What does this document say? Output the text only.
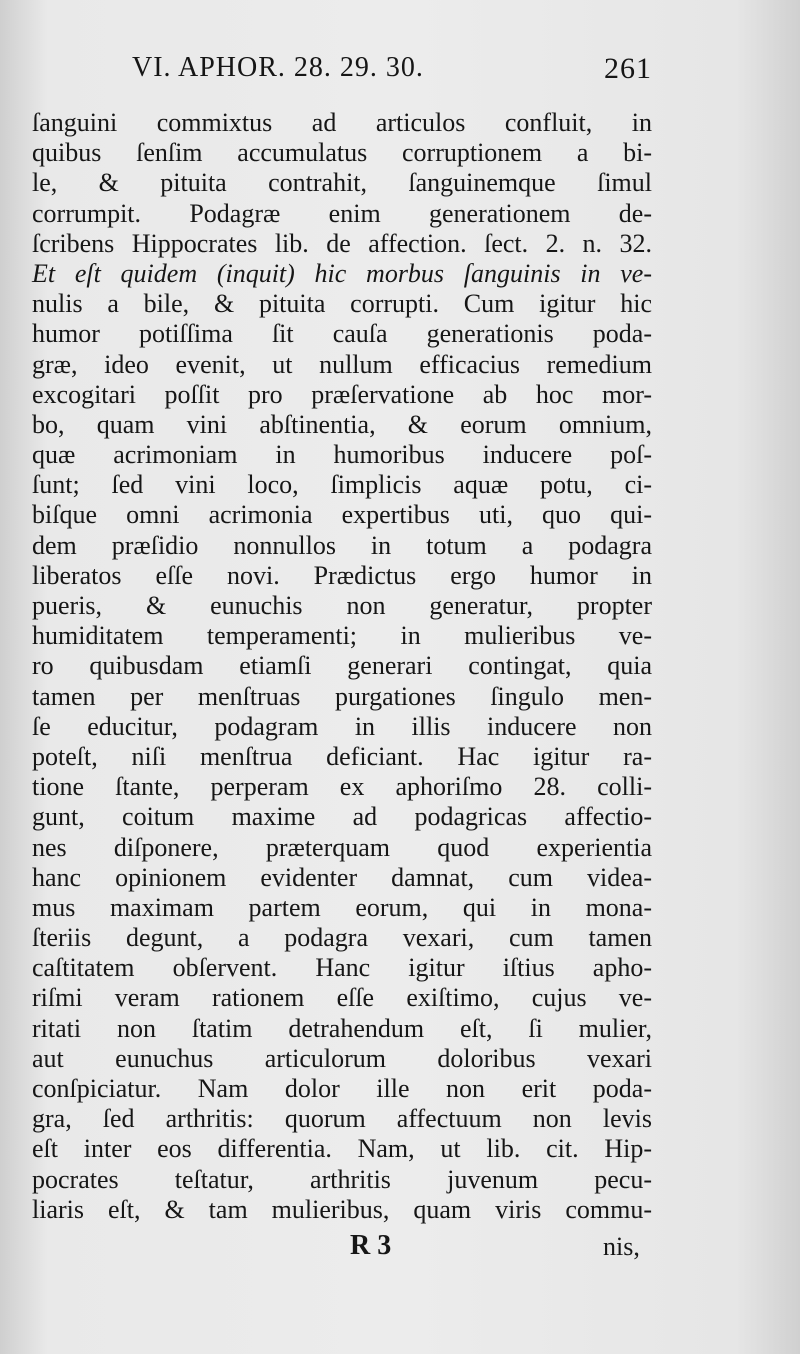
VI. APHOR. 28. 29. 30.	261
ſanguini commixtus ad articulos confluit, in
quibus ſenſim accumulatus corruptionem a bi-
le, & pituita contrahit, ſanguinemque ſimul
corrumpit. Podagræ enim generationem de-
ſcribens Hippocrates lib. de affection. ſect. 2. n. 32.
Et eſt quidem (inquit) hic morbus ſanguinis in ve-
nulis a bile, & pituita corrupti. Cum igitur hic
humor potiſſima ſit cauſa generationis poda-
græ, ideo evenit, ut nullum efficacius remedium
excogitari poſſit pro præſervatione ab hoc mor-
bo, quam vini abſtinentia, & eorum omnium,
quæ acrimoniam in humoribus inducere poſ-
ſunt; ſed vini loco, ſimplicis aquæ potu, ci-
biſque omni acrimonia expertibus uti, quo qui-
dem præſidio nonnullos in totum a podagra
liberatos eſſe novi. Prædictus ergo humor in
pueris, & eunuchis non generatur, propter
humiditatem temperamenti; in mulieribus ve-
ro quibusdam etiamſi generari contingat, quia
tamen per menſtruas purgationes ſingulo men-
ſe educitur, podagram in illis inducere non
poteſt, niſi menſtrua deficiant. Hac igitur ra-
tione ſtante, perperam ex aphoriſmo 28. colli-
gunt, coitum maxime ad podagricas affectio-
nes diſponere, præterquam quod experientia
hanc opinionem evidenter damnat, cum videa-
mus maximam partem eorum, qui in mona-
ſteriis degunt, a podagra vexari, cum tamen
caſtitatem obſervent. Hanc igitur iſtius apho-
riſmi veram rationem eſſe exiſtimo, cujus ve-
ritati non ſtatim detrahendum eſt, ſi mulier,
aut eunuchus articulorum doloribus vexari
conſpiciatur. Nam dolor ille non erit poda-
gra, ſed arthritis: quorum affectuum non levis
eſt inter eos differentia. Nam, ut lib. cit. Hip-
pocrates teſtatur, arthritis juvenum pecu-
liaris eſt, & tam mulieribus, quam viris commu-
R 3	nis,
